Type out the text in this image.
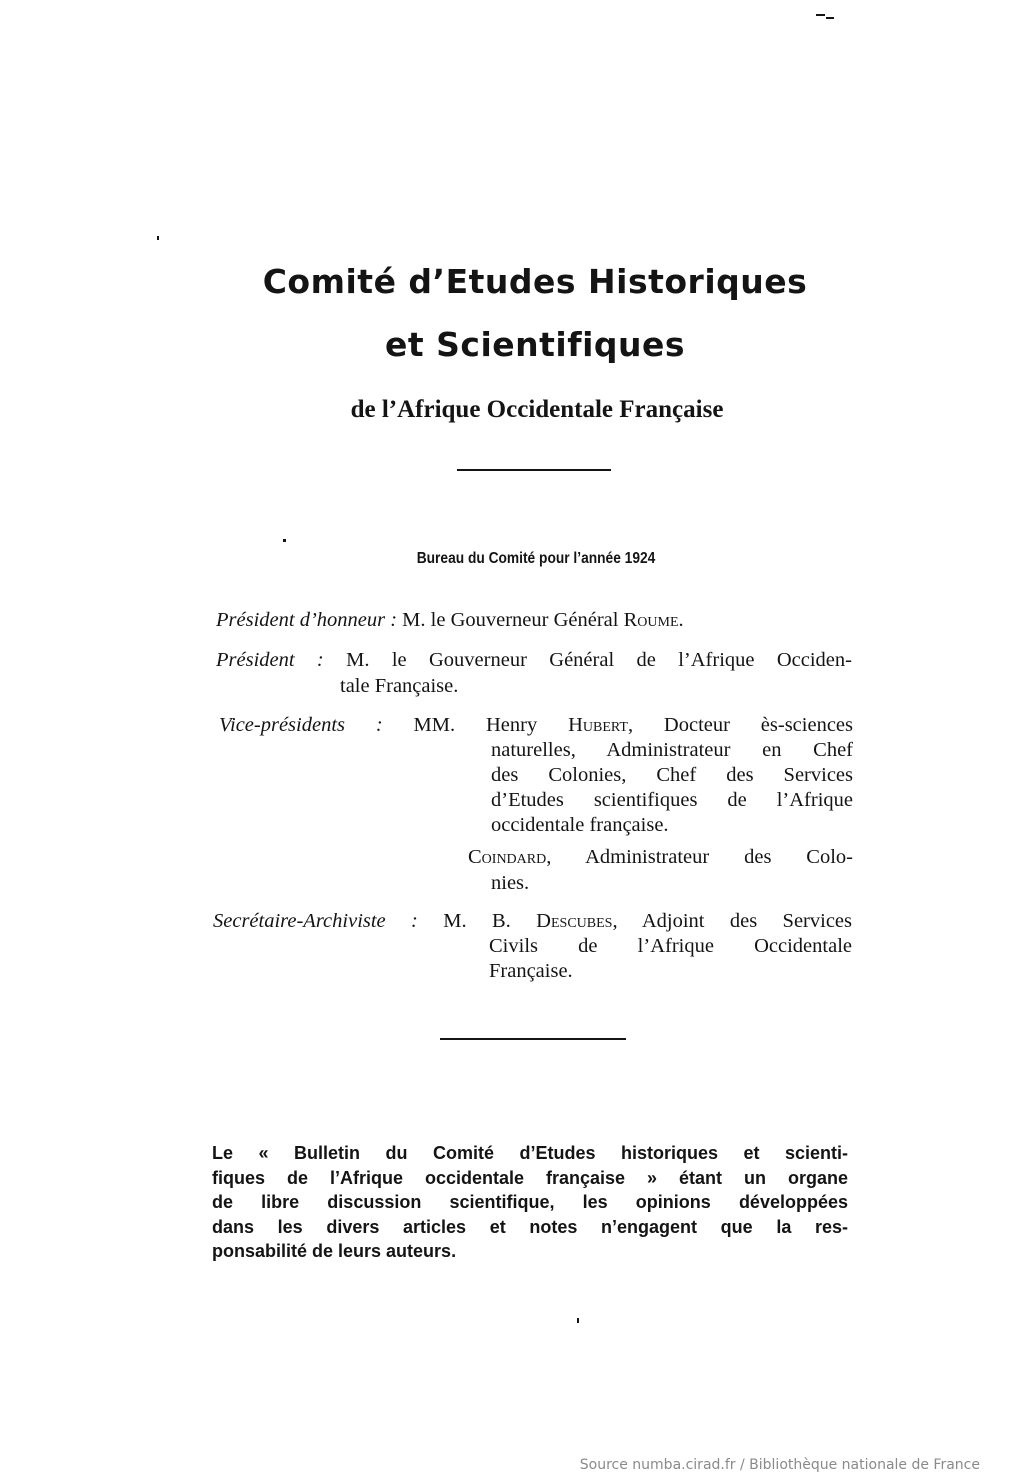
Comité d’Etudes Historiques
et Scientifiques
de l’Afrique Occidentale Française
Bureau du Comité pour l’année 1924
Président d’honneur : M. le Gouverneur Général Roume.
Président : M. le Gouverneur Général de l’Afrique Occiden-
tale Française.
Vice-présidents : MM. Henry Hubert, Docteur ès-sciences
naturelles, Administrateur en Chef
des Colonies, Chef des Services
d’Etudes scientifiques de l’Afrique
occidentale française.
Coindard, Administrateur des Colo-
nies.
Secrétaire-Archiviste : M. B. Descubes, Adjoint des Services
Civils de l’Afrique Occidentale
Française.
Le « Bulletin du Comité d’Etudes historiques et scienti-
fiques de l’Afrique occidentale française » étant un organe
de libre discussion scientifique, les opinions développées
dans les divers articles et notes n’engagent que la res-
ponsabilité de leurs auteurs.
Source numba.cirad.fr / Bibliothèque nationale de France
